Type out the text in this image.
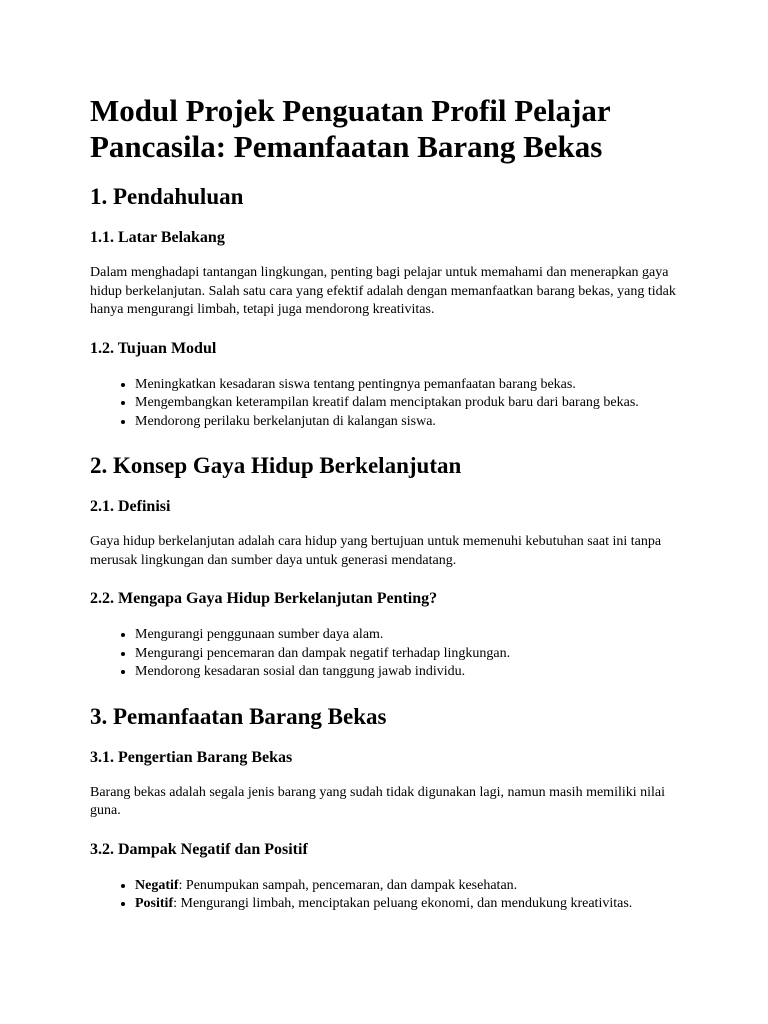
Modul Projek Penguatan Profil Pelajar Pancasila: Pemanfaatan Barang Bekas
1. Pendahuluan
1.1. Latar Belakang

Dalam menghadapi tantangan lingkungan, penting bagi pelajar untuk memahami dan menerapkan gaya hidup berkelanjutan. Salah satu cara yang efektif adalah dengan memanfaatkan barang bekas, yang tidak hanya mengurangi limbah, tetapi juga mendorong kreativitas.

1.2. Tujuan Modul
• Meningkatkan kesadaran siswa tentang pentingnya pemanfaatan barang bekas.
• Mengembangkan keterampilan kreatif dalam menciptakan produk baru dari barang bekas.
• Mendorong perilaku berkelanjutan di kalangan siswa.
2. Konsep Gaya Hidup Berkelanjutan
2.1. Definisi

Gaya hidup berkelanjutan adalah cara hidup yang bertujuan untuk memenuhi kebutuhan saat ini tanpa merusak lingkungan dan sumber daya untuk generasi mendatang.

2.2. Mengapa Gaya Hidup Berkelanjutan Penting?
• Mengurangi penggunaan sumber daya alam.
• Mengurangi pencemaran dan dampak negatif terhadap lingkungan.
• Mendorong kesadaran sosial dan tanggung jawab individu.
3. Pemanfaatan Barang Bekas
3.1. Pengertian Barang Bekas

Barang bekas adalah segala jenis barang yang sudah tidak digunakan lagi, namun masih memiliki nilai guna.

3.2. Dampak Negatif dan Positif
• Negatif: Penumpukan sampah, pencemaran, dan dampak kesehatan.
• Positif: Mengurangi limbah, menciptakan peluang ekonomi, dan mendukung kreativitas.
